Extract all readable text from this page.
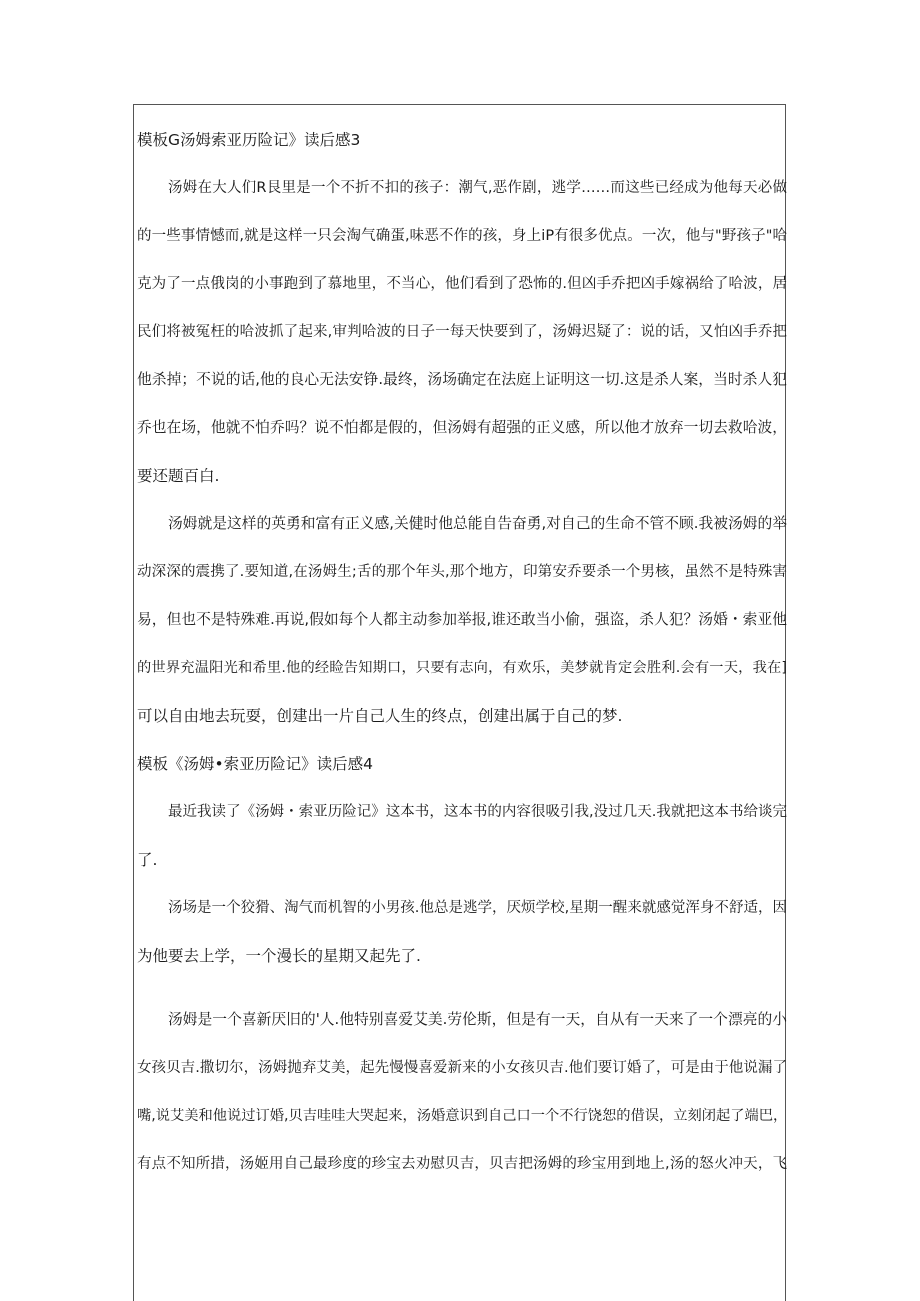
模板G汤姆索亚历险记》读后感3
汤姆在大人们R艮里是一个不折不扣的孩子：潮气,恶作剧，逃学……而这些已经成为他每天必做
的一些事情憾而,就是这样一只会淘气确蛋,味恶不作的孩，身上iP有很多优点。一次，他与"野孩子"哈
克为了一点俄岗的小事跑到了慕地里，不当心，他们看到了恐怖的.但凶手乔把凶手嫁祸给了哈波，居
民们将被冤枉的哈波抓了起来,审判哈波的日子一每天快要到了，汤姆迟疑了：说的话，又怕凶手乔把
他杀掉；不说的话,他的良心无法安铮.最终，汤场确定在法庭上证明这一切.这是杀人案，当时杀人犯
乔也在场，他就不怕乔吗？说不怕都是假的，但汤姆有超强的正义感，所以他才放弃一切去救哈波，
要还题百白.
汤姆就是这样的英勇和富有正义感,关健时他总能自告奋勇,对自己的生命不管不顾.我被汤姆的举
动深深的震携了.要知道,在汤姆生;舌的那个年头,那个地方，印第安乔要杀一个男核，虽然不是特殊害
易，但也不是特殊难.再说,假如每个人都主动参加举报,谁还敢当小偷，强盗，杀人犯？汤婚・索亚他
的世界充温阳光和希里.他的经睑告知期口，只要有志向，有欢乐，美梦就肯定会胜利.会有一天，我在]
可以自由地去玩耍，创建出一片自己人生的终点，创建出属于自己的梦.
模板《汤姆•索亚历险记》读后感4
最近我读了《汤姆・索亚历险记》这本书，这本书的内容很吸引我,没过几天.我就把这本书给谈完
了.
汤场是一个狡猾、淘气而机智的小男孩.他总是逃学，厌烦学校,星期一醒来就感觉浑身不舒适，因
为他要去上学，一个漫长的星期又起先了.
汤姆是一个喜新厌旧的'人.他特别喜爱艾美.劳伦斯，但是有一天，自从有一天来了一个漂亮的小
女孩贝吉.撒切尔，汤姆抛弃艾美，起先慢慢喜爱新来的小女孩贝吉.他们要订婚了，可是由于他说漏了
嘴,说艾美和他说过订婚,贝吉哇哇大哭起来，汤婚意识到自己口一个不行饶恕的借误，立刻闭起了端巴，
有点不知所措，汤姬用自己最珍度的珍宝去劝慰贝吉，贝吉把汤姆的珍宝用到地上,汤的怒火冲天，飞
